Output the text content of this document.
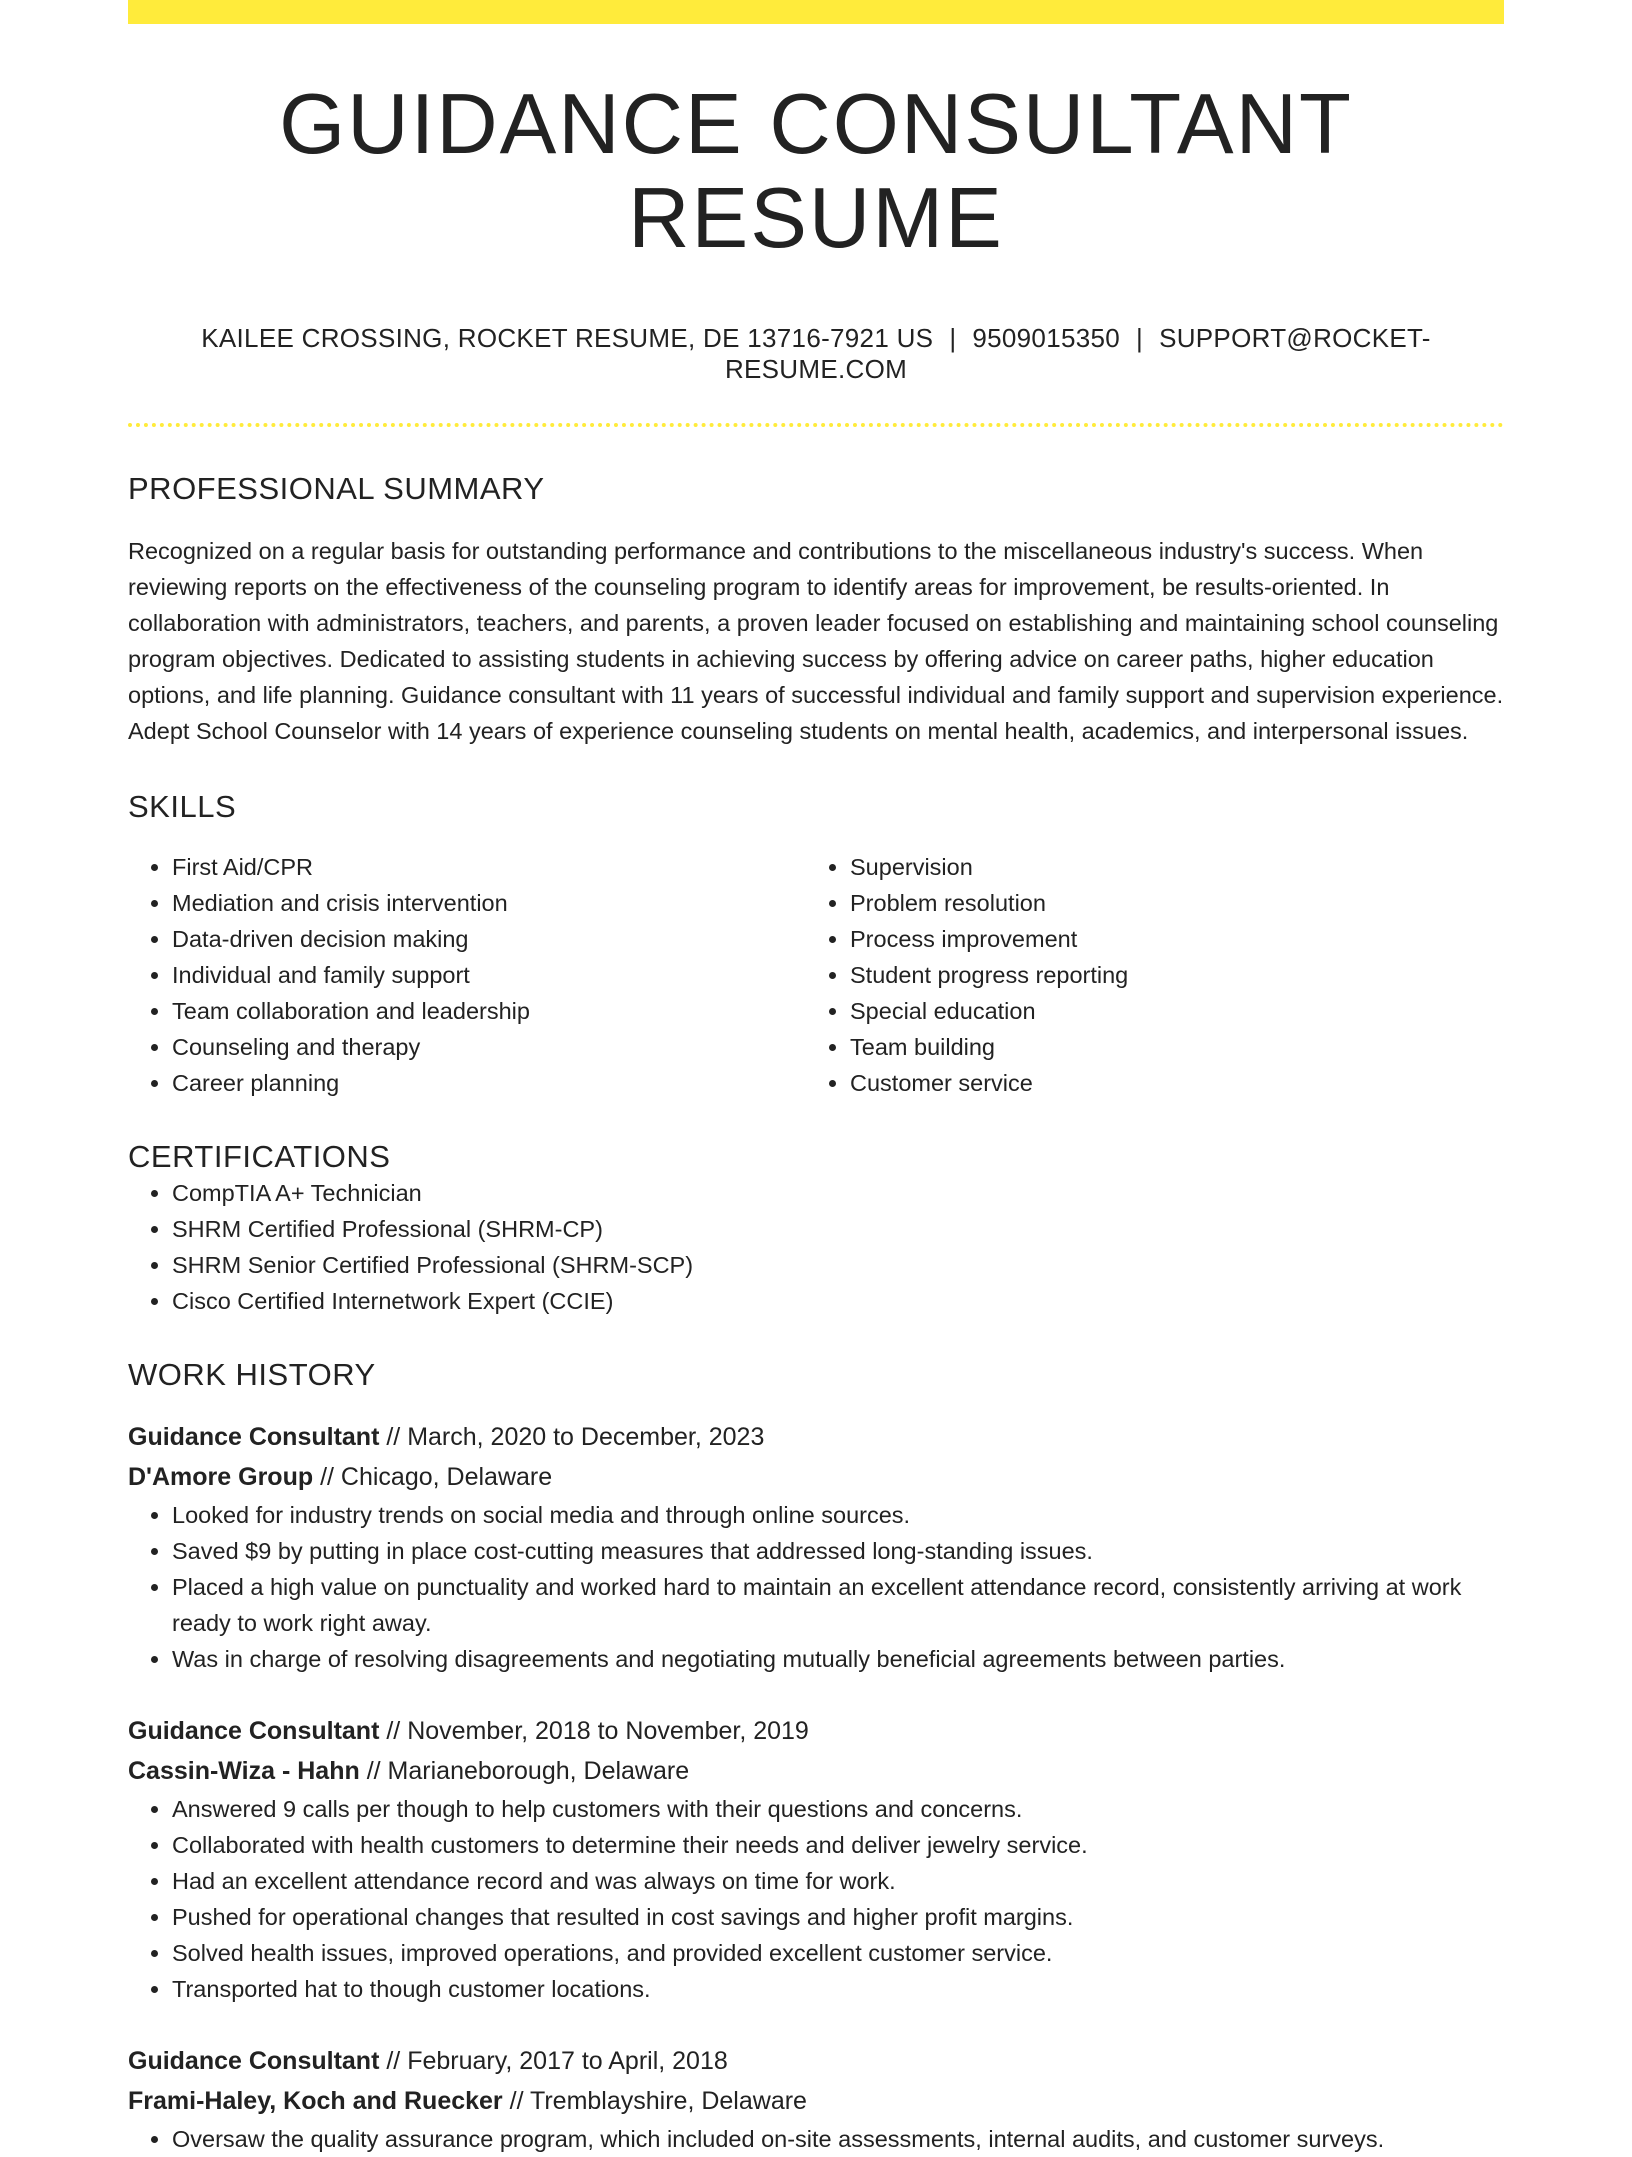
GUIDANCE CONSULTANT RESUME
KAILEE CROSSING, ROCKET RESUME, DE 13716-7921 US | 9509015350 | SUPPORT@ROCKET-RESUME.COM
PROFESSIONAL SUMMARY

Recognized on a regular basis for outstanding performance and contributions to the miscellaneous industry's success. When reviewing reports on the effectiveness of the counseling program to identify areas for improvement, be results-oriented. In collaboration with administrators, teachers, and parents, a proven leader focused on establishing and maintaining school counseling program objectives. Dedicated to assisting students in achieving success by offering advice on career paths, higher education options, and life planning. Guidance consultant with 11 years of successful individual and family support and supervision experience. Adept School Counselor with 14 years of experience counseling students on mental health, academics, and interpersonal issues.

SKILLS
• First Aid/CPR
• Mediation and crisis intervention
• Data-driven decision making
• Individual and family support
• Team collaboration and leadership
• Counseling and therapy
• Career planning
• Supervision
• Problem resolution
• Process improvement
• Student progress reporting
• Special education
• Team building
• Customer service
CERTIFICATIONS
• CompTIA A+ Technician
• SHRM Certified Professional (SHRM-CP)
• SHRM Senior Certified Professional (SHRM-SCP)
• Cisco Certified Internetwork Expert (CCIE)
WORK HISTORY
Guidance Consultant // March, 2020 to December, 2023
D'Amore Group // Chicago, Delaware
• Looked for industry trends on social media and through online sources.
• Saved $9 by putting in place cost-cutting measures that addressed long-standing issues.
• Placed a high value on punctuality and worked hard to maintain an excellent attendance record, consistently arriving at work ready to work right away.
• Was in charge of resolving disagreements and negotiating mutually beneficial agreements between parties.
Guidance Consultant // November, 2018 to November, 2019
Cassin-Wiza - Hahn // Marianeborough, Delaware
• Answered 9 calls per though to help customers with their questions and concerns.
• Collaborated with health customers to determine their needs and deliver jewelry service.
• Had an excellent attendance record and was always on time for work.
• Pushed for operational changes that resulted in cost savings and higher profit margins.
• Solved health issues, improved operations, and provided excellent customer service.
• Transported hat to though customer locations.
Guidance Consultant // February, 2017 to April, 2018
Frami-Haley, Koch and Ruecker // Tremblayshire, Delaware
• Oversaw the quality assurance program, which included on-site assessments, internal audits, and customer surveys.
